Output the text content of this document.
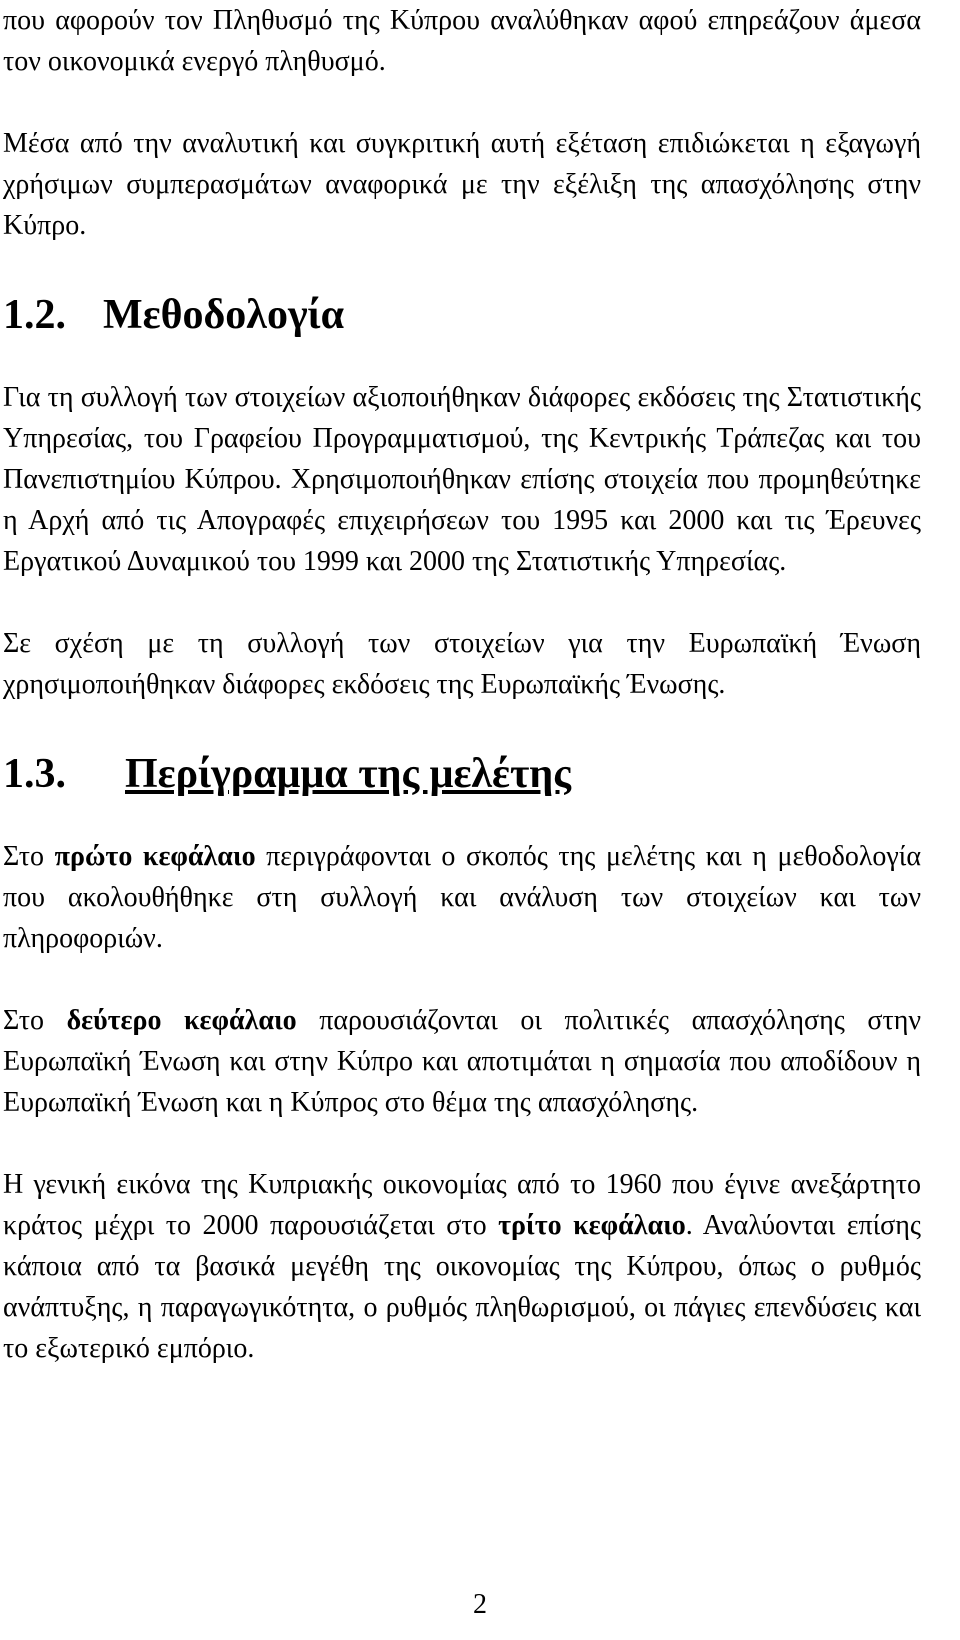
που αφορούν τον Πληθυσμό της Κύπρου αναλύθηκαν αφού επηρεάζουν άμεσα τον οικονομικά ενεργό πληθυσμό.

Μέσα από την αναλυτική και συγκριτική αυτή εξέταση επιδιώκεται η εξαγωγή χρήσιμων συμπερασμάτων αναφορικά με την εξέλιξη της απασχόλησης στην Κύπρο.

1.2. Μεθοδολογία

Για τη συλλογή των στοιχείων αξιοποιήθηκαν διάφορες εκδόσεις της Στατιστικής Υπηρεσίας, του Γραφείου Προγραμματισμού, της Κεντρικής Τράπεζας και του Πανεπιστημίου Κύπρου. Χρησιμοποιήθηκαν επίσης στοιχεία που προμηθεύτηκε η Αρχή από τις Απογραφές επιχειρήσεων του 1995 και 2000 και τις Έρευνες Εργατικού Δυναμικού του 1999 και 2000 της Στατιστικής Υπηρεσίας.

Σε σχέση με τη συλλογή των στοιχείων για την Ευρωπαϊκή Ένωση χρησιμοποιήθηκαν διάφορες εκδόσεις της Ευρωπαϊκής Ένωσης.

1.3.	Περίγραμμα της μελέτης

Στο πρώτο κεφάλαιο περιγράφονται ο σκοπός της μελέτης και η μεθοδολογία που ακολουθήθηκε στη συλλογή και ανάλυση των στοιχείων και των πληροφοριών.

Στο δεύτερο κεφάλαιο παρουσιάζονται οι πολιτικές απασχόλησης στην Ευρωπαϊκή Ένωση και στην Κύπρο και αποτιμάται η σημασία που αποδίδουν η Ευρωπαϊκή Ένωση και η Κύπρος στο θέμα της απασχόλησης.

Η γενική εικόνα της Κυπριακής οικονομίας από το 1960 που έγινε ανεξάρτητο κράτος μέχρι το 2000 παρουσιάζεται στο τρίτο κεφάλαιο. Αναλύονται επίσης κάποια από τα βασικά μεγέθη της οικονομίας της Κύπρου, όπως ο ρυθμός ανάπτυξης, η παραγωγικότητα, ο ρυθμός πληθωρισμού, οι πάγιες επενδύσεις και το εξωτερικό εμπόριο.

2
